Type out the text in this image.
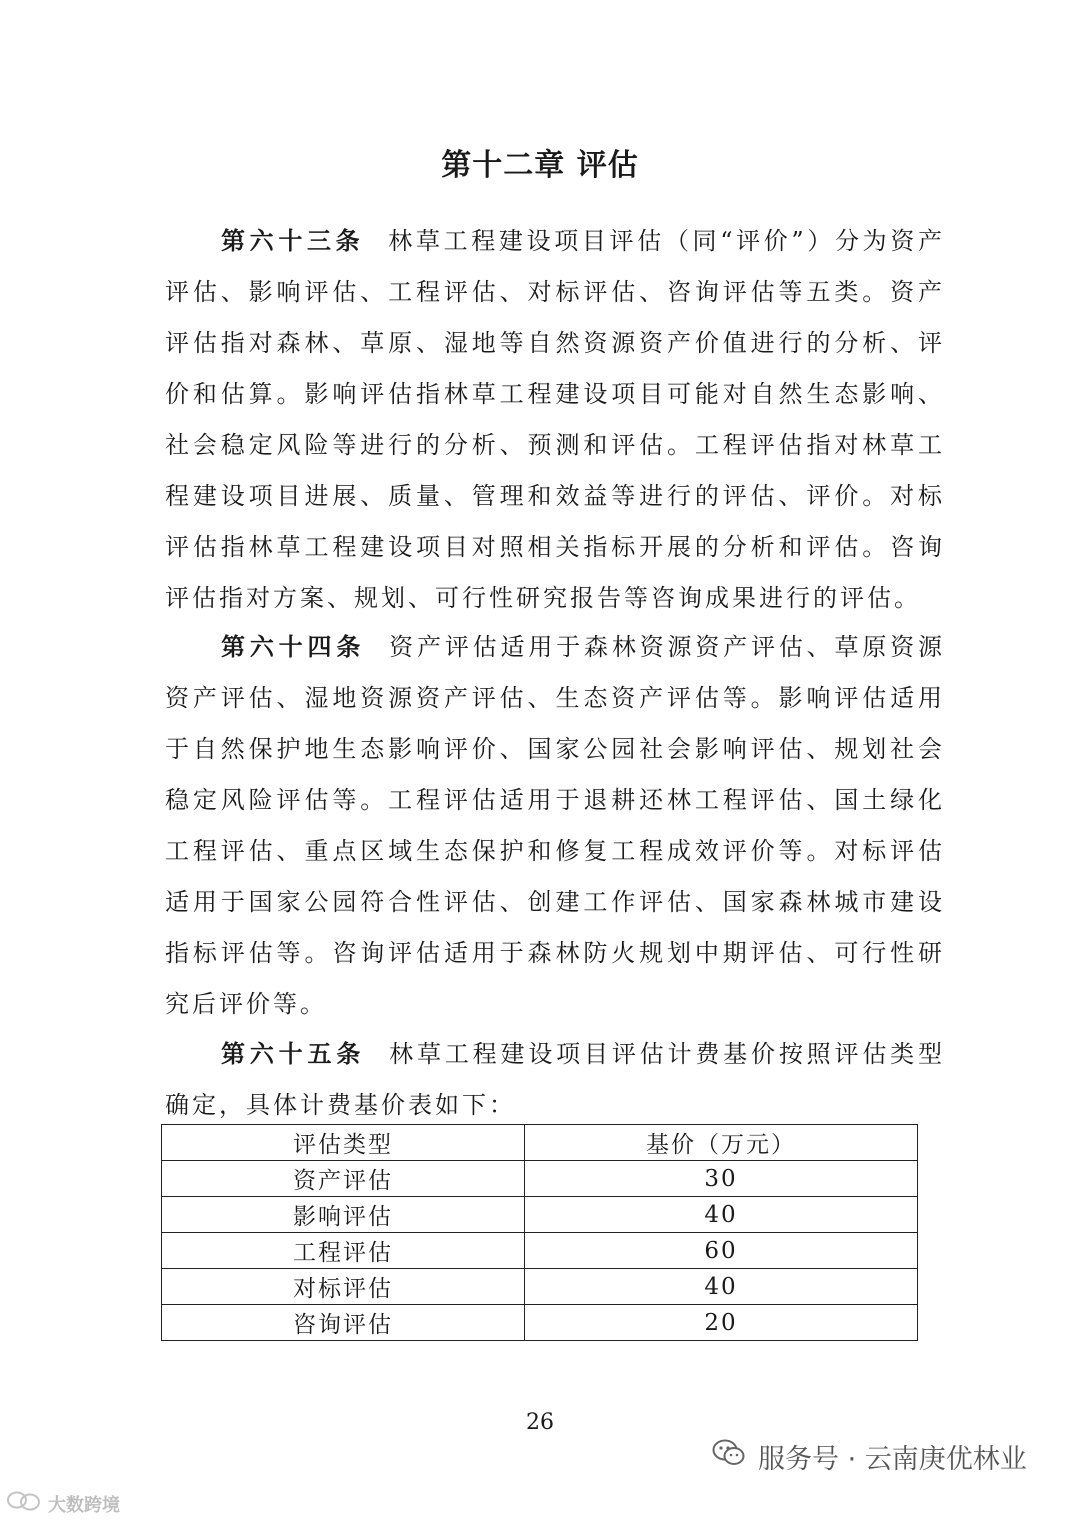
第十二章 评估
第六十三条 林草工程建设项目评估（同“评价”）分为资产评估、影响评估、工程评估、对标评估、咨询评估等五类。资产评估指对森林、草原、湿地等自然资源资产价值进行的分析、评价和估算。影响评估指林草工程建设项目可能对自然生态影响、社会稳定风险等进行的分析、预测和评估。工程评估指对林草工程建设项目进展、质量、管理和效益等进行的评估、评价。对标评估指林草工程建设项目对照相关指标开展的分析和评估。咨询评估指对方案、规划、可行性研究报告等咨询成果进行的评估。
第六十四条 资产评估适用于森林资源资产评估、草原资源资产评估、湿地资源资产评估、生态资产评估等。影响评估适用于自然保护地生态影响评价、国家公园社会影响评估、规划社会稳定风险评估等。工程评估适用于退耕还林工程评估、国土绿化工程评估、重点区域生态保护和修复工程成效评价等。对标评估适用于国家公园符合性评估、创建工作评估、国家森林城市建设指标评估等。咨询评估适用于森林防火规划中期评估、可行性研究后评价等。
第六十五条 林草工程建设项目评估计费基价按照评估类型确定，具体计费基价表如下：
评估类型	基价（万元）
资产评估	30
影响评估	40
工程评估	60
对标评估	40
咨询评估	20
26
服务号 · 云南庚优林业
大数跨境
